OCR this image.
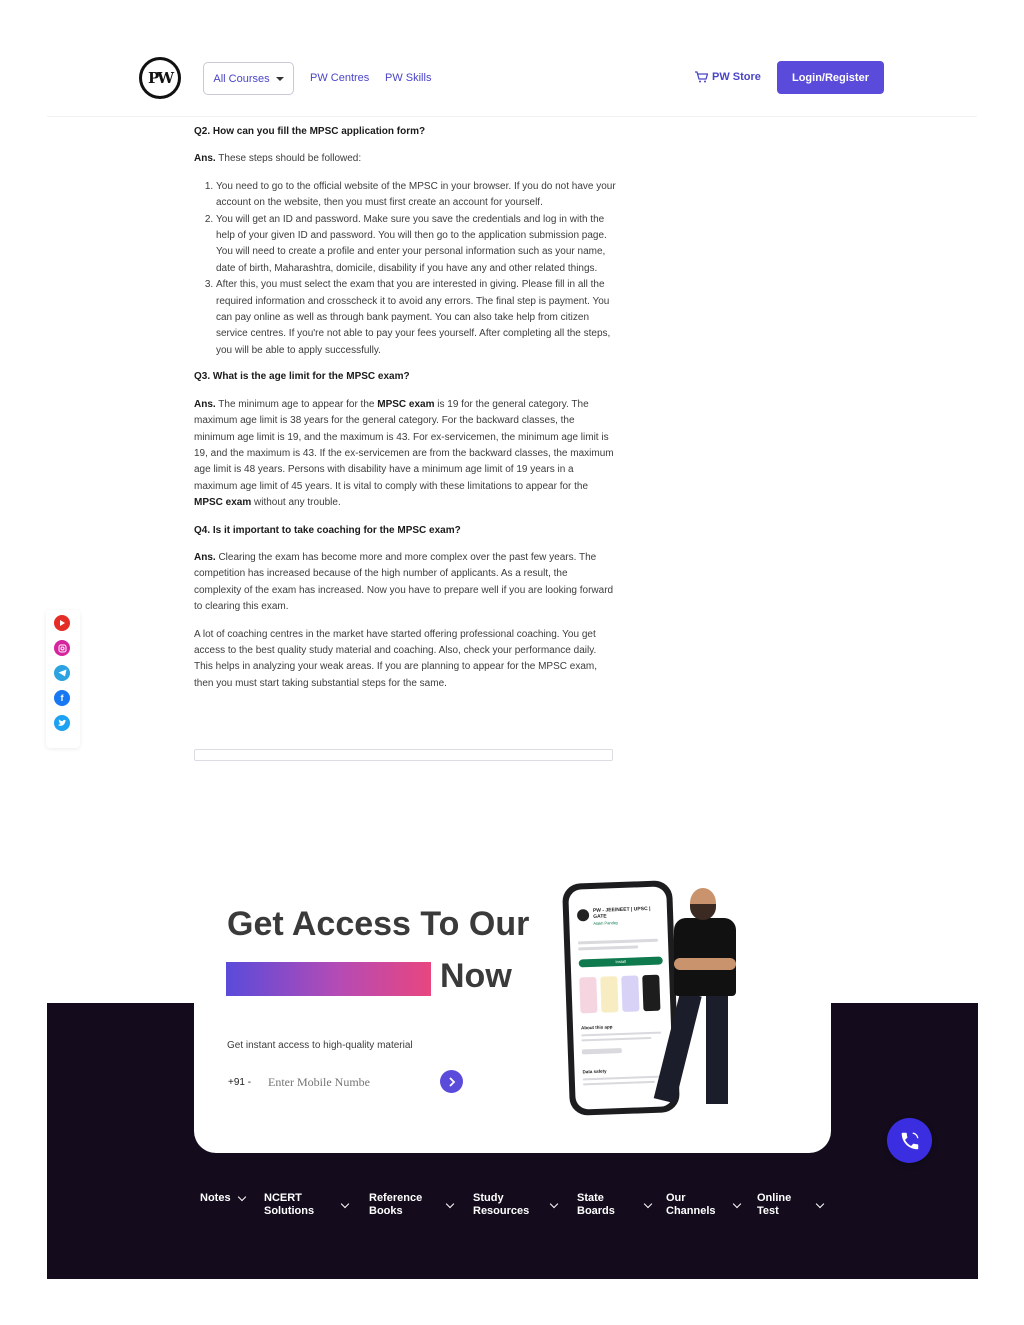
PW	All Courses	PW Centres PW Skills	PW Store	Login/Register

Q2. How can you fill the MPSC application form?

Ans. These steps should be followed:

1. You need to go to the official website of the MPSC in your browser. If you do not have your account on the website, then you must first create an account for yourself.
2. You will get an ID and password. Make sure you save the credentials and log in with the help of your given ID and password. You will then go to the application submission page. You will need to create a profile and enter your personal information such as your name, date of birth, Maharashtra, domicile, disability if you have any and other related things.
3. After this, you must select the exam that you are interested in giving. Please fill in all the required information and crosscheck it to avoid any errors. The final step is payment. You can pay online as well as through bank payment. You can also take help from citizen service centres. If you're not able to pay your fees yourself. After completing all the steps, you will be able to apply successfully.

Q3. What is the age limit for the MPSC exam?

Ans. The minimum age to appear for the MPSC exam is 19 for the general category. The maximum age limit is 38 years for the general category. For the backward classes, the minimum age limit is 19, and the maximum is 43. For ex-servicemen, the minimum age limit is 19, and the maximum is 43. If the ex-servicemen are from the backward classes, the maximum age limit is 48 years. Persons with disability have a minimum age limit of 19 years in a maximum age limit of 45 years. It is vital to comply with these limitations to appear for the MPSC exam without any trouble.

Q4. Is it important to take coaching for the MPSC exam?

Ans. Clearing the exam has become more and more complex over the past few years. The competition has increased because of the high number of applicants. As a result, the complexity of the exam has increased. Now you have to prepare well if you are looking forward to clearing this exam.

A lot of coaching centres in the market have started offering professional coaching. You get access to the best quality study material and coaching. Also, check your performance daily. This helps in analyzing your weak areas. If you are planning to appear for the MPSC exam, then you must start taking substantial steps for the same.

f
Get Access To Our
Now
Get instant access to high-quality material
+91 -
Enter Mobile Numbe
PW - JEE/NEET | UPSC | GATE
Alakh Pandey
Install
About this app
Data safety
Notes	NCERT Solutions
Reference Books
Study Resources
State Boards
Our Channels
Online Test
